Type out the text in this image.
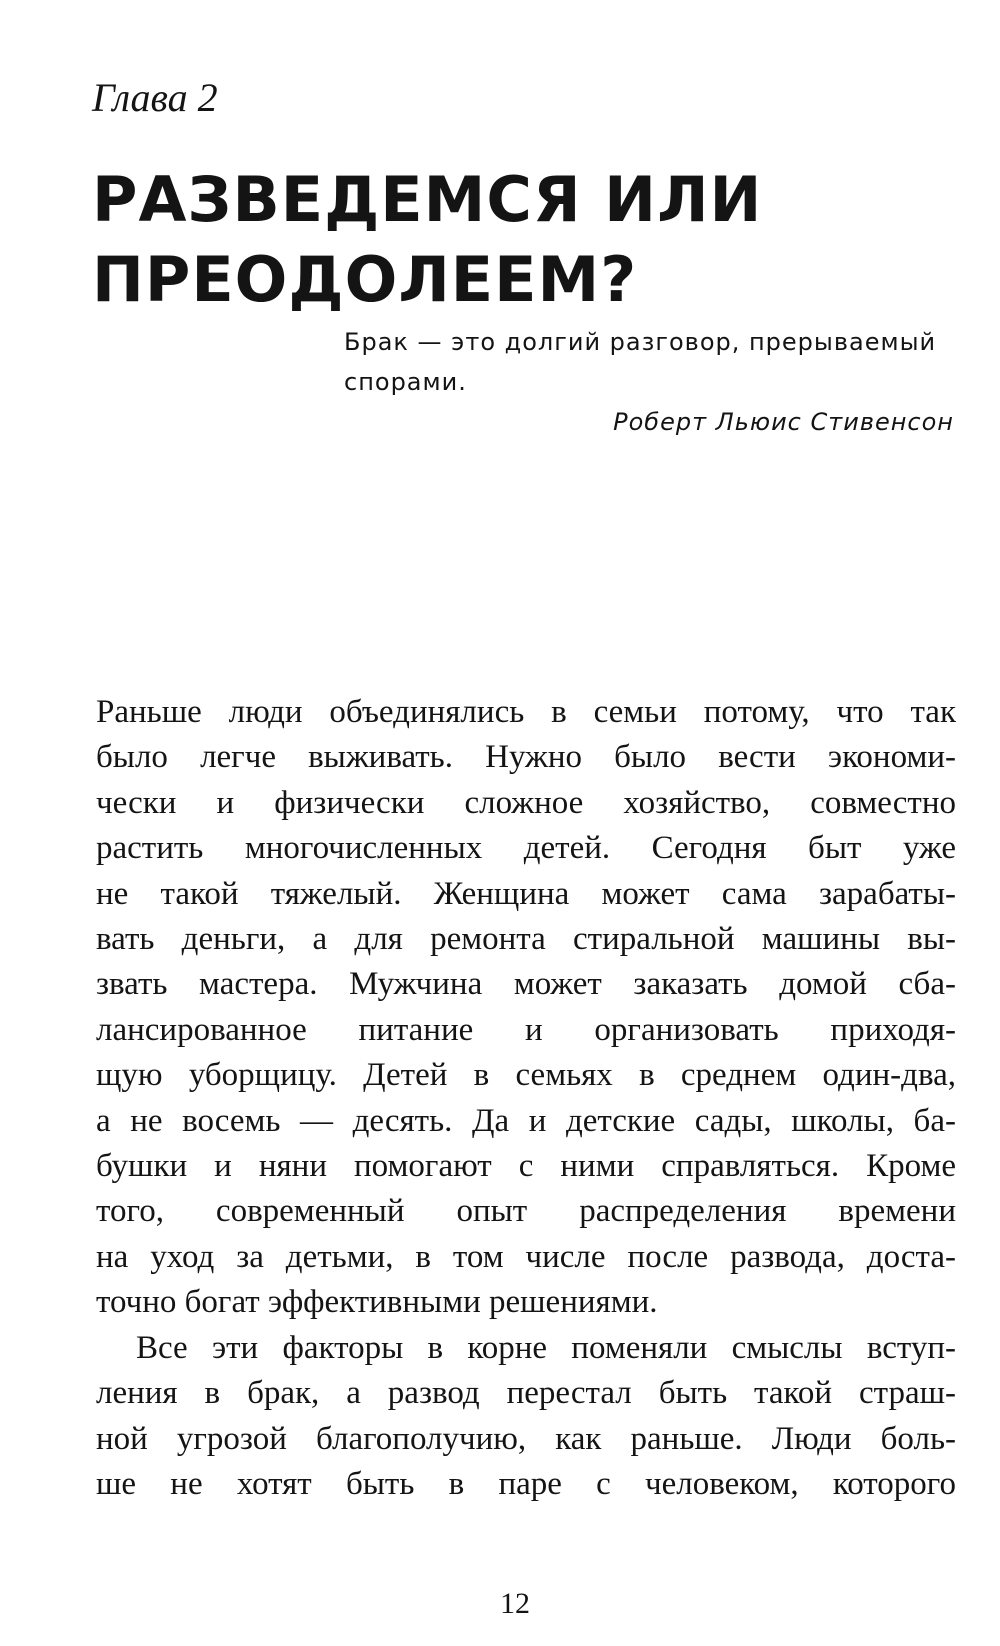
Глава 2
РАЗВЕДЕМСЯ ИЛИ
ПРЕОДОЛЕЕМ?

Брак — это долгий разговор, прерываемый
спорами.

Роберт Льюис Стивенсон

Раньше люди объединялись в семьи потому, что так
было легче выживать. Нужно было вести экономи-
чески и физически сложное хозяйство, совместно
растить многочисленных детей. Сегодня быт уже
не такой тяжелый. Женщина может сама зарабаты-
вать деньги, а для ремонта стиральной машины вы-
звать мастера. Мужчина может заказать домой сба-
лансированное питание и организовать приходя-
щую уборщицу. Детей в семьях в среднем один-два,
а не восемь — десять. Да и детские сады, школы, ба-
бушки и няни помогают с ними справляться. Кроме
того, современный опыт распределения времени
на уход за детьми, в том числе после развода, доста-
точно богат эффективными решениями.

Все эти факторы в корне поменяли смыслы вступ-
ления в брак, а развод перестал быть такой страш-
ной угрозой благополучию, как раньше. Люди боль-
ше не хотят быть в паре с человеком, которого

12
